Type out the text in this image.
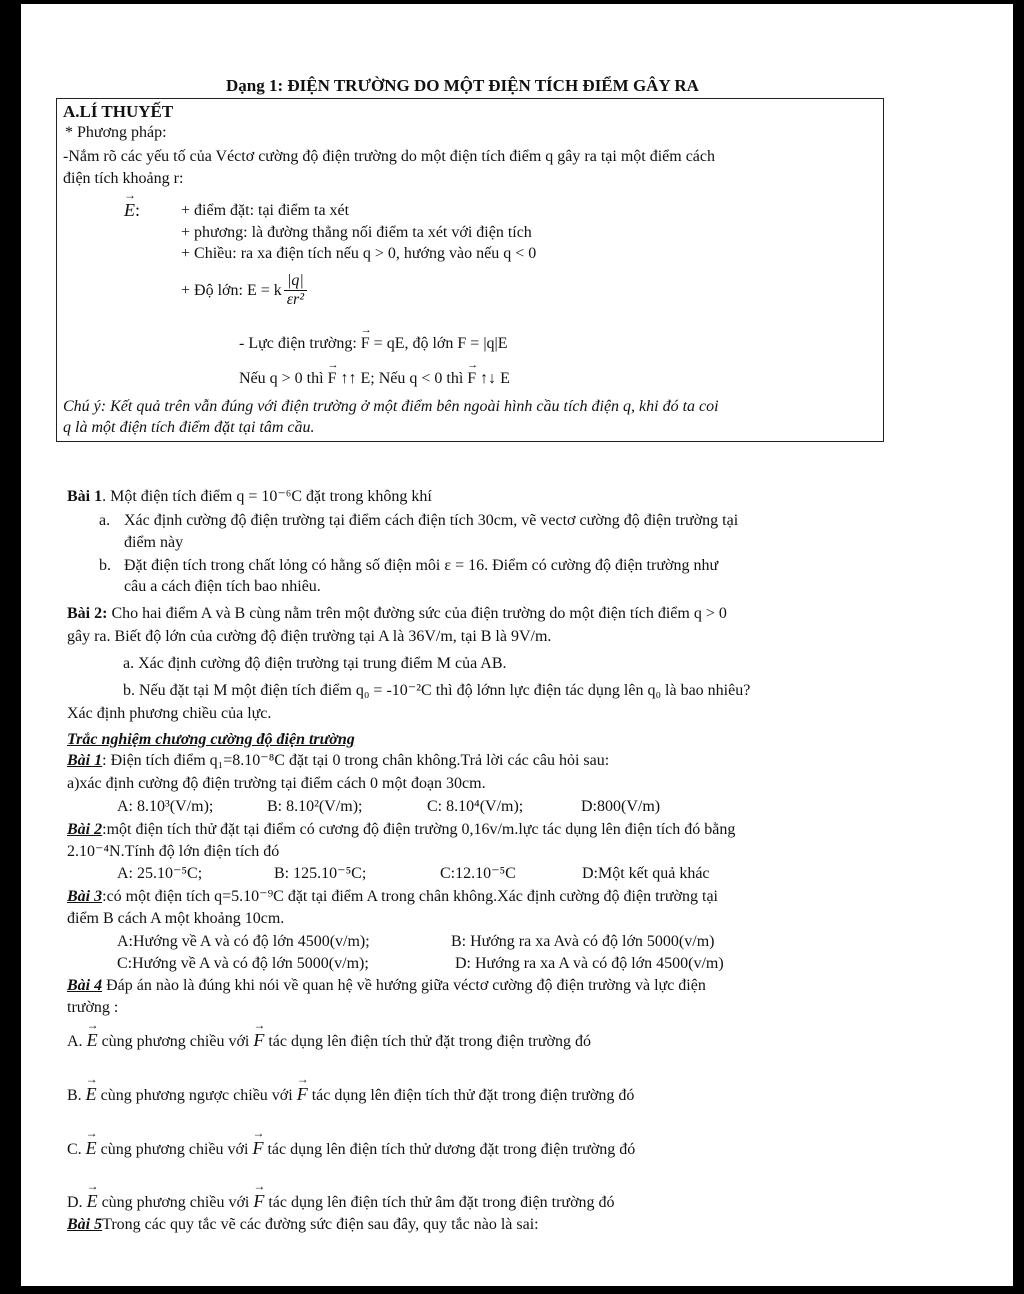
Dạng 1: ĐIỆN TRƯỜNG DO MỘT ĐIỆN TÍCH ĐIỂM GÂY RA
A.LÍ THUYẾT
* Phương pháp:
-Nắm rõ các yếu tố của Véctơ cường độ điện trường do một điện tích điểm q gây ra tại một điểm cách
điện tích khoảng r:
→ E:	+ điểm đặt: tại điểm ta xét
+ phương: là đường thẳng nối điểm ta xét với điện tích
+ Chiều: ra xa điện tích nếu q > 0, hướng vào nếu q < 0
+ Độ lớn:
E = k $\frac{|q|}{\text{εr²}}$
- Lực điện trường: → F = qE, độ lớn F = |q|E
Nếu q > 0 thì → F ↑↑ E; Nếu q < 0 thì → F ↑↓ E
Chú ý: Kết quả trên vẫn đúng với điện trường ở một điểm bên ngoài hình cầu tích điện q, khi đó ta coi
q là một điện tích điểm đặt tại tâm cầu.
Bài 1. Một điện tích điểm q = 10⁻⁶C đặt trong không khí
a. Xác định cường độ điện trường tại điểm cách điện tích 30cm, vẽ vectơ cường độ điện trường tại
điểm này
b. Đặt điện tích trong chất lỏng có hằng số điện môi ε = 16. Điểm có cường độ điện trường như
câu a cách điện tích bao nhiêu.
Bài 2: Cho hai điểm A và B cùng nằm trên một đường sức của điện trường do một điện tích điểm q > 0
gây ra. Biết độ lớn của cường độ điện trường tại A là 36V/m, tại B là 9V/m.
a. Xác định cường độ điện trường tại trung điểm M của AB.
b. Nếu đặt tại M một điện tích điểm q₀ = -10⁻²C thì độ lớnn lực điện tác dụng lên q₀ là bao nhiêu?
Xác định phương chiều của lực.
Trắc nghiệm chương cường độ điện trường
Bài 1: Điện tích điểm q₁=8.10⁻⁸C đặt tại 0 trong chân không.Trả lời các câu hỏi sau:
a)xác định cường độ điện trường tại điểm cách 0 một đoạn 30cm.
A: 8.10³(V/m);	B: 8.10²(V/m);	C: 8.10⁴(V/m);	D:800(V/m)
Bài 2:một điện tích thử đặt tại điểm có cương độ điện trường 0,16v/m.lực tác dụng lên điện tích đó bằng
2.10⁻⁴N.Tính độ lớn điện tích đó
A: 25.10⁻⁵C;	B: 125.10⁻⁵C;	C:12.10⁻⁵C	D:Một kết quả khác
Bài 3:có một điện tích q=5.10⁻⁹C đặt tại điểm A trong chân không.Xác định cường độ điện trường tại
điểm B cách A một khoảng 10cm.
A:Hướng về A và có độ lớn 4500(v/m);	B: Hướng ra xa Avà có độ lớn 5000(v/m)
C:Hướng về A và có độ lớn 5000(v/m);	D: Hướng ra xa A và có độ lớn 4500(v/m)
Bài 4 Đáp án nào là đúng khi nói về quan hệ về hướng giữa véctơ cường độ điện trường và lực điện
trường :
A. → E cùng phương chiều với → F tác dụng lên điện tích thử đặt trong điện trường đó
B. → E cùng phương ngược chiều với → F tác dụng lên điện tích thử đặt trong điện trường đó
C. → E cùng phương chiều với → F tác dụng lên điện tích thử dương đặt trong điện trường đó
D. → E cùng phương chiều với → F tác dụng lên điện tích thử âm đặt trong điện trường đó
Bài 5Trong các quy tắc vẽ các đường sức điện sau đây, quy tắc nào là sai:
